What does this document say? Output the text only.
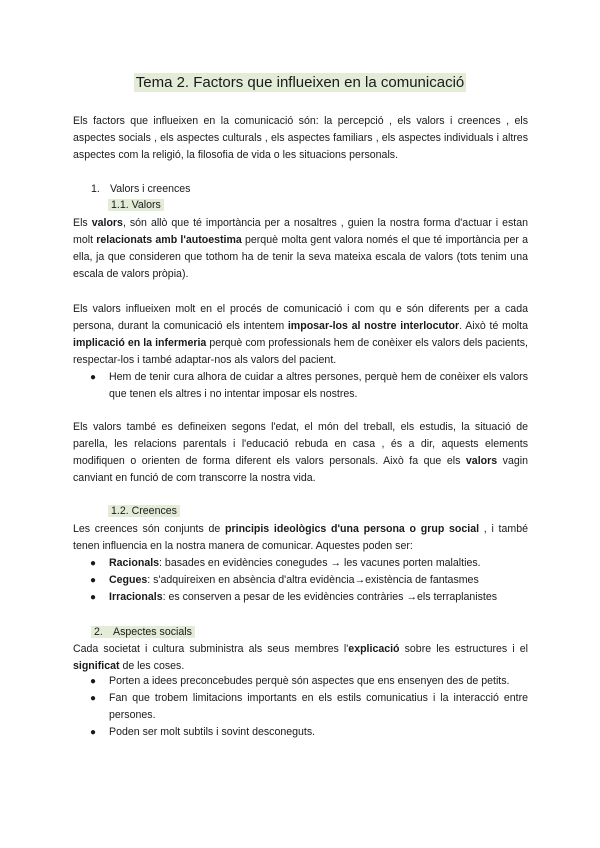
Tema 2. Factors que influeixen en la comunicació

Els factors que influeixen en la comunicació són: la percepció , els valors i creences , els aspectes socials , els aspectes culturals , els aspectes familiars , els aspectes individuals i altres aspectes com la religió, la filosofia de vida o les situacions personals.

1. Valors i creences
1.1. Valors

Els valors, són allò que té importància per a nosaltres , guien la nostra forma d'actuar i estan molt relacionats amb l'autoestima perquè molta gent valora només el que té importància per a ella, ja que consideren que tothom ha de tenir la seva mateixa escala de valors (tots tenim una escala de valors pròpia).

Els valors influeixen molt en el procés de comunicació i com qu e són diferents per a cada persona, durant la comunicació els intentem imposar-los al nostre interlocutor. Això té molta implicació en la infermeria perquè com professionals hem de conèixer els valors dels pacients, respectar-los i també adaptar-nos als valors del pacient.

● Hem de tenir cura alhora de cuidar a altres persones, perquè hem de conèixer els valors que tenen els altres i no intentar imposar els nostres.

Els valors també es defineixen segons l'edat, el món del treball, els estudis, la situació de parella, les relacions parentals i l'educació rebuda en casa , és a dir, aquests elements modifiquen o orienten de forma diferent els valors personals. Això fa que els valors vagin canviant en funció de com transcorre la nostra vida.

1.2. Creences

Les creences són conjunts de principis ideològics d'una persona o grup social , i també tenen influencia en la nostra manera de comunicar. Aquestes poden ser:

● Racionals: basades en evidències conegudes → les vacunes porten malalties.
● Cegues: s'adquireixen en absència d'altra evidència→existència de fantasmes
● Irracionals: es conserven a pesar de les evidències contràries →els terraplanistes
2. Aspectes socials

Cada societat i cultura subministra als seus membres l'explicació sobre les estructures i el significat de les coses.

● Porten a idees preconcebudes perquè són aspectes que ens ensenyen des de petits.
● Fan que trobem limitacions importants en els estils comunicatius i la interacció entre persones.
● Poden ser molt subtils i sovint desconeguts.
